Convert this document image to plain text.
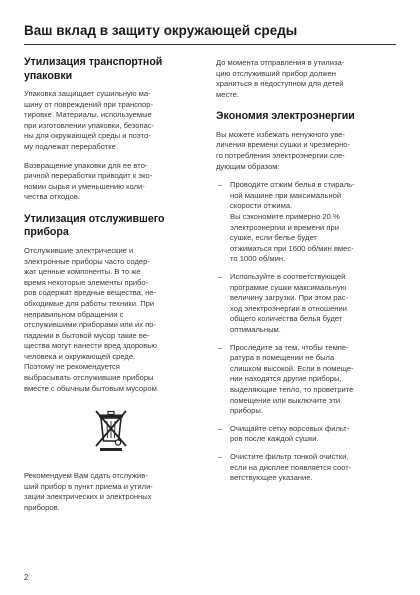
Ваш вклад в защиту окружающей среды
Утилизация транспортной
упаковки

Упаковка защищает сушильную ма-
шину от повреждений при транспор-
тировке. Материалы, используемые
при изготовлении упаковки, безопас-
ны для окружающей среды и поэто-
му подлежат переработке.

Возвращение упаковки для ее вто-
ричной переработки приводит к эко-
номии сырья и уменьшению коли-
чества отходов.

Утилизация отслужившего
прибора

Отслужившие электрические и
электронные приборы часто содер-
жат ценные компоненты. В то же
время некоторые элементы прибо-
ров содержат вредные вещества, не-
обходимые для работы техники. При
неправильном обращении с
отслужившими приборами или их по-
падании в бытовой мусор такие ве-
щества могут нанести вред здоровью
человека и окружающей среде.
Поэтому не рекомендуется
выбрасывать отслужившие приборы
вместе с обычным бытовым мусором.

Рекомендуем Вам сдать отслужив-
ший прибор в пункт приема и утили-
зации электрических и электронных
приборов.

До момента отправления в утилиза-
цию отслуживший прибор должен
храниться в недоступном для детей
месте.

Экономия электроэнергии

Вы можете избежать ненужного уве-
личения времени сушки и чрезмерно-
го потребления электроэнергии сле-
дующим образом:

– Проводите отжим белья в стираль-
ной машине при максимальной
скорости отжима.
Вы сэкономите примерно 20 %
электроэнергии и времени при
сушке, если белье будет
отжиматься при 1600 об/мин вмес-
то 1000 об/мин.
– Используйте в соответствующей
программе сушки максимальную
величину загрузки. При этом рас-
ход электроэнергии в отношении
общего количества белья будет
оптимальным.
– Проследите за тем, чтобы темпе-
ратура в помещении не была
слишком высокой. Если в помеще-
нии находятся другие приборы,
выделяющие тепло, то проветрите
помещение или выключите эти
приборы.
– Очищайте сетку ворсовых фильт-
ров после каждой сушки.
– Очистите фильтр тонкой очистки,
если на дисплее появляется соот-
ветствующее указание.
2
